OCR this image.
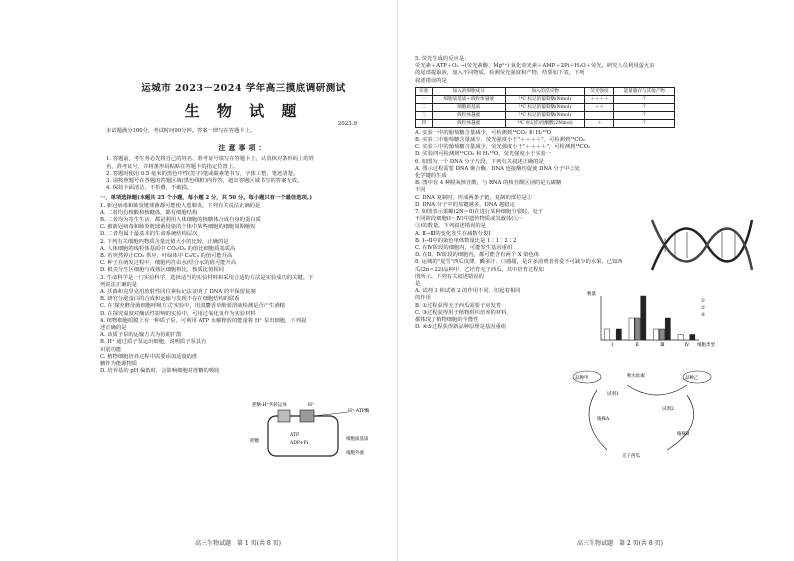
运城市 2023－2024 学年高三摸底调研测试
生 物 试 题
2023.9
本试题满分100分，考试时间90分钟。答案一律写在答题卡上。
注意事项：
1. 答题前，考生务必先将自己的姓名、准考证号填写在答题卡上，认真核对条形码上的姓
名、准考证号，并将条形码粘贴在答题卡的指定位置上。
2. 答题时使用 0.5 毫米的黑色中性(签字)笔或碳素笔书写，字体工整、笔迹清楚。
3. 请按照题号在各题的答题区域(黑色线框)内作答，超出答题区域书写的答案无效。
4. 保持卡面清洁，不折叠，不破损。
一、单项选择题(本题共 25 个小题，每小题 2 分，共 50 分。每小题只有一个最佳选项。)
1. 新冠病毒和肺炎链球菌都可能使人患肺炎。下列有关说法正确的是
A. 二者均有核酸和核糖体，都有细胞结构
B. 二者均为寄生生活，都是利用人体细胞的核糖体合成自身的蛋白质
C. 被新冠病毒和肺炎链球菌侵染的个体中某些细胞的细胞周期缩短
D. 二者均属于最基本的生命系统结构层次
2. 下列有关细胞内物质含量比值大小的比较，正确的是
A. 人体细胞的线粒体基质中 CO₂/O₂ 的值比细胞质基质高
B. 若突然停止CO₂ 供应，叶绿体中 C₅/C₃ 的值可能升高
C. 种子在萌发过程中，细胞内自由水/结合水的值可能升高
D. 根尖分生区细胞与成熟区细胞相比，核质比值相同
3. 生命科学是一门实验科学，选择适当的实验材料和采用合适的方法是实验成功的关键。下
列说法正确的是
A. 沃森和克里克用放射性同位素标记法证明了 DNA 的半保留复制
B. 研究分泌蛋白的合成和运输与发现不存在细胞结构的联系
C. 在'探究酵母菌细胞呼吸方式'实验中，用溴麝香草酚蓝溶液检测是否产生酒精
D. 在探究温度对酶活性影响的实验中，可用过氧化氢作为实验材料
4. 植物细胞质膜上有一种质子泵，可利用 ATP 水解释放的能量将 H⁺ 泵出细胞，下列叙
述正确的是
A. 该质子泵的运输方式为协助扩散
B. H⁺ 通过质子泵运出细胞，说明质子泵具有
识别功能
C. 植物细胞培养过程中需要添加适量的蔗
糖作为能源物质
D. 培养基的 pH 偏低时，会影响细胞对蔗糖的吸收
蔗糖-H⁺共转运体
蔗糖
H⁺
H⁺-ATP酶
ATP
ADP+Pi
细胞质基质
细胞外液
高三生物试题　第 1 页(共 8 页)
5. 荧光生成的反应是：
荧光素＋ATP＋O₂ →(荧光素酶、Mg²⁺) 氧化荧光素＋AMP＋2Pi＋H₂O＋荧光。研究人员利用萤火虫
的尾部提取液，加入不同物质，检测荧光强度和产物，结果如下表，下列
叙述错误的是
实验	加入的细胞成分	加入的反应物	荧光强度	能量储存与其他产物
一	细胞质基质＋线粒体悬液	¹⁴C 标记的葡萄糖(Nmol)	＋＋＋＋	?
二	细胞质基质	¹⁴C 标记的葡萄糖(Nmol)	＋＋	?
三	线粒体悬液	¹⁴C 标记的葡萄糖(Nmol)		?
四	线粒体悬液	¹⁴C 标记的丙酮酸(2Nmol)	＋	?
A. 实验一中的葡萄糖含量减少，可检测到¹⁴CO₂ 和 H₂¹⁸O
B. 实验二中葡萄糖含量减少，荧光强度小于"＋＋＋＋"，可检测到¹⁴CO₂
C. 实验三中的葡萄糖含量减少，荧光强度小于"＋＋＋＋"，可检测到¹⁴CO₂
D. 实验四可检测到¹⁴CO₂ 和 H₂¹⁸O，荧光强度小于实验一
6. 如图为一个 DNA 分子片段，下列有关叙述正确的是
A. 图示过程需要 DNA 聚合酶，DNA 连接酶均促使 DNA 分子中②处
化学键的生成
B. 图中有 4 种脱氧核苷酸，与 RNA 的核苷酸区别的是五碳糖
不同
C. DNA 复制时，形成两条子链，复制的部位是②
D. DNA 分子中的氢键越多，DNA 越稳定
7. 如图表示果蝇(2N＝8)在进行某种细胞分裂时，处于
不同阶段细胞(Ⅰ～Ⅳ)中遗传物质或其载体(①～
③)的数量。下列叙述错误的是
A. Ⅱ→Ⅲ的变化发生在减数分裂Ⅰ
B. Ⅰ→Ⅱ中的染色单体数量比是 1∶1∶2∶2
C. 在Ⅳ阶段的细胞内，可能发生基因重组
D. 在Ⅱ、Ⅳ阶段的细胞内，都可能含有两个 X 染色体
8. 运城的"夏雪"西瓜皮薄、瓤多汁、口感甜，是许多消费者喜爱不可缺少的水果。已知西
瓜(2n＝22)品种甲、乙培育无子西瓜，其中培育过程如
图所示。下列有关叙述错误的
是
A. 试剂 1 和试剂 2 的作用不同，但起着相同
的作用
B. ①过程获得无子西瓜需要子房发育
C. ③过程获得用于植物组织培养的材料，
都体现了植物细胞的全能性
D. ④⑤过程获得新品种原理是基因重组
Ⅰ	Ⅱ	Ⅲ	Ⅳ
数量
细胞类型
①
②
③
品种甲	品种乙
试剂1
试剂2
无子西瓜
植株A
植株B
秋水仙素
高三生物试题　第 2 页(共 8 页)
